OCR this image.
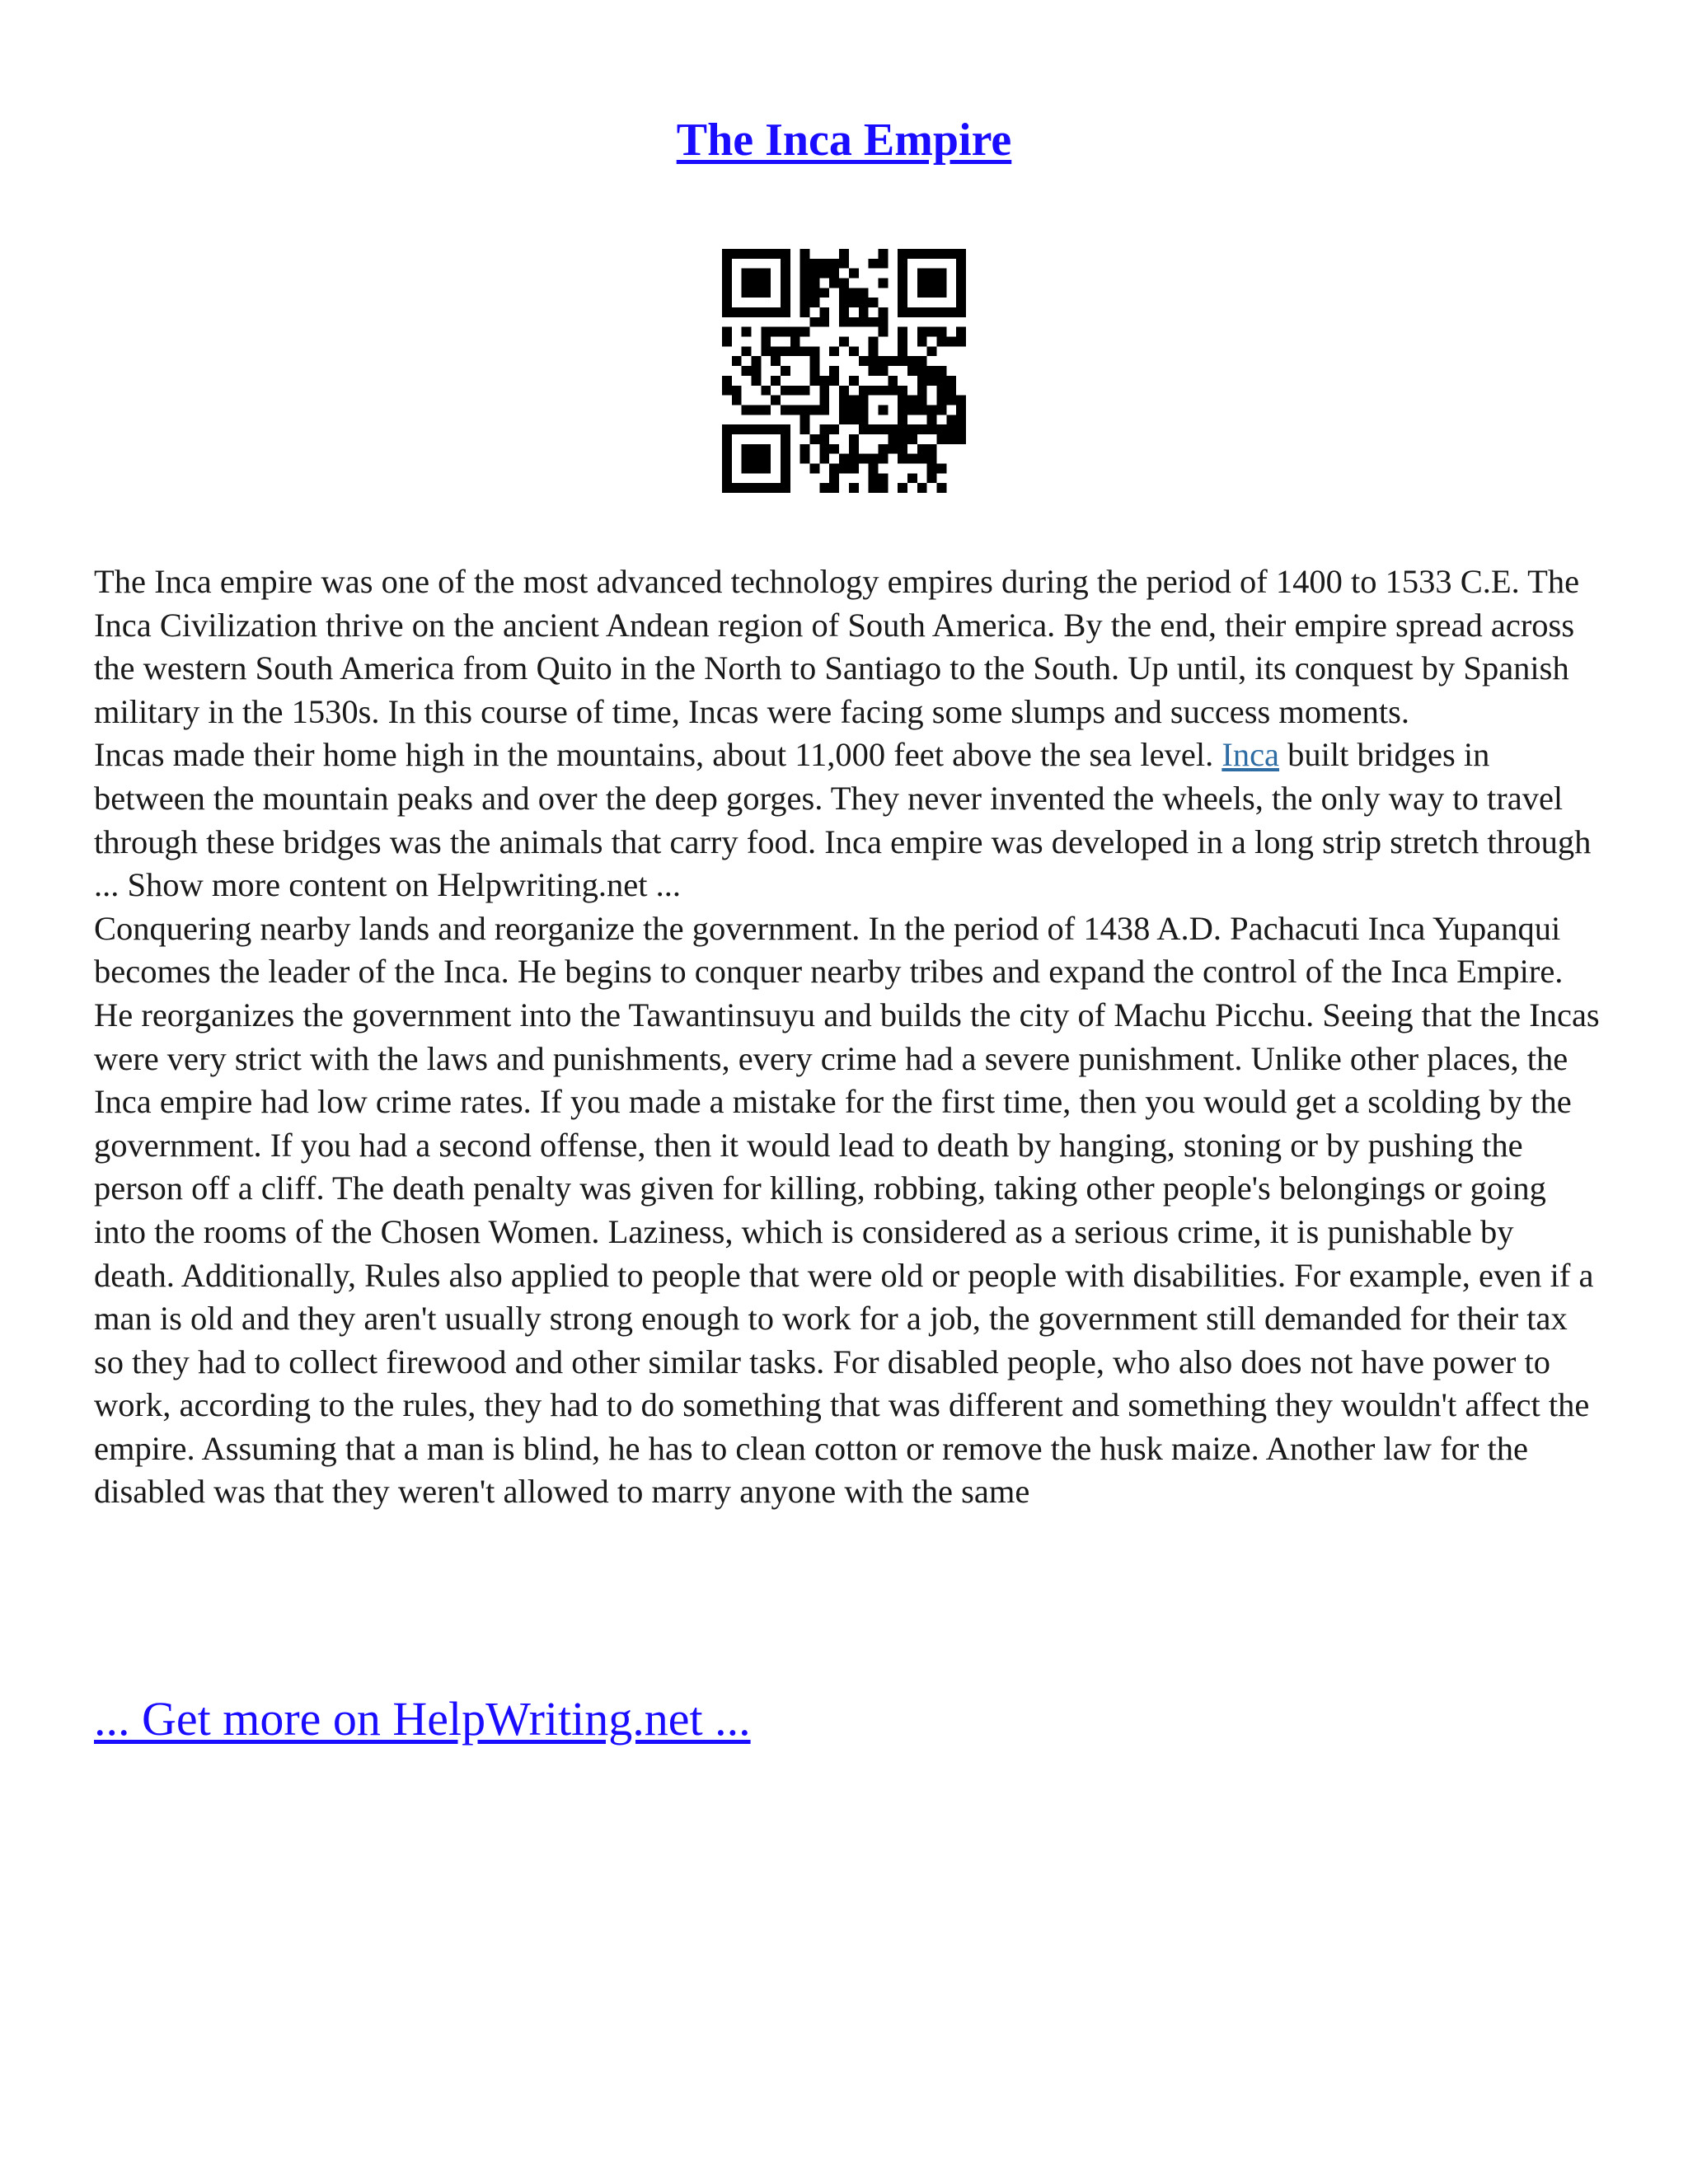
The Inca Empire

The Inca empire was one of the most advanced technology empires during the period of 1400 to 1533 C.E. The Inca Civilization thrive on the ancient Andean region of South America. By the end, their empire spread across the western South America from Quito in the North to Santiago to the South. Up until, its conquest by Spanish military in the 1530s. In this course of time, Incas were facing some slumps and success moments.

Incas made their home high in the mountains, about 11,000 feet above the sea level. Inca built bridges in between the mountain peaks and over the deep gorges. They never invented the wheels, the only way to travel through these bridges was the animals that carry food. Inca empire was developed in a long strip stretch through ... Show more content on Helpwriting.net ...

Conquering nearby lands and reorganize the government. In the period of 1438 A.D. Pachacuti Inca Yupanqui becomes the leader of the Inca. He begins to conquer nearby tribes and expand the control of the Inca Empire. He reorganizes the government into the Tawantinsuyu and builds the city of Machu Picchu. Seeing that the Incas were very strict with the laws and punishments, every crime had a severe punishment. Unlike other places, the Inca empire had low crime rates. If you made a mistake for the first time, then you would get a scolding by the government. If you had a second offense, then it would lead to death by hanging, stoning or by pushing the person off a cliff. The death penalty was given for killing, robbing, taking other people's belongings or going into the rooms of the Chosen Women. Laziness, which is considered as a serious crime, it is punishable by death. Additionally, Rules also applied to people that were old or people with disabilities. For example, even if a man is old and they aren't usually strong enough to work for a job, the government still demanded for their tax so they had to collect firewood and other similar tasks. For disabled people, who also does not have power to work, according to the rules, they had to do something that was different and something they wouldn't affect the empire. Assuming that a man is blind, he has to clean cotton or remove the husk maize. Another law for the disabled was that they weren't allowed to marry anyone with the same

... Get more on HelpWriting.net ...
